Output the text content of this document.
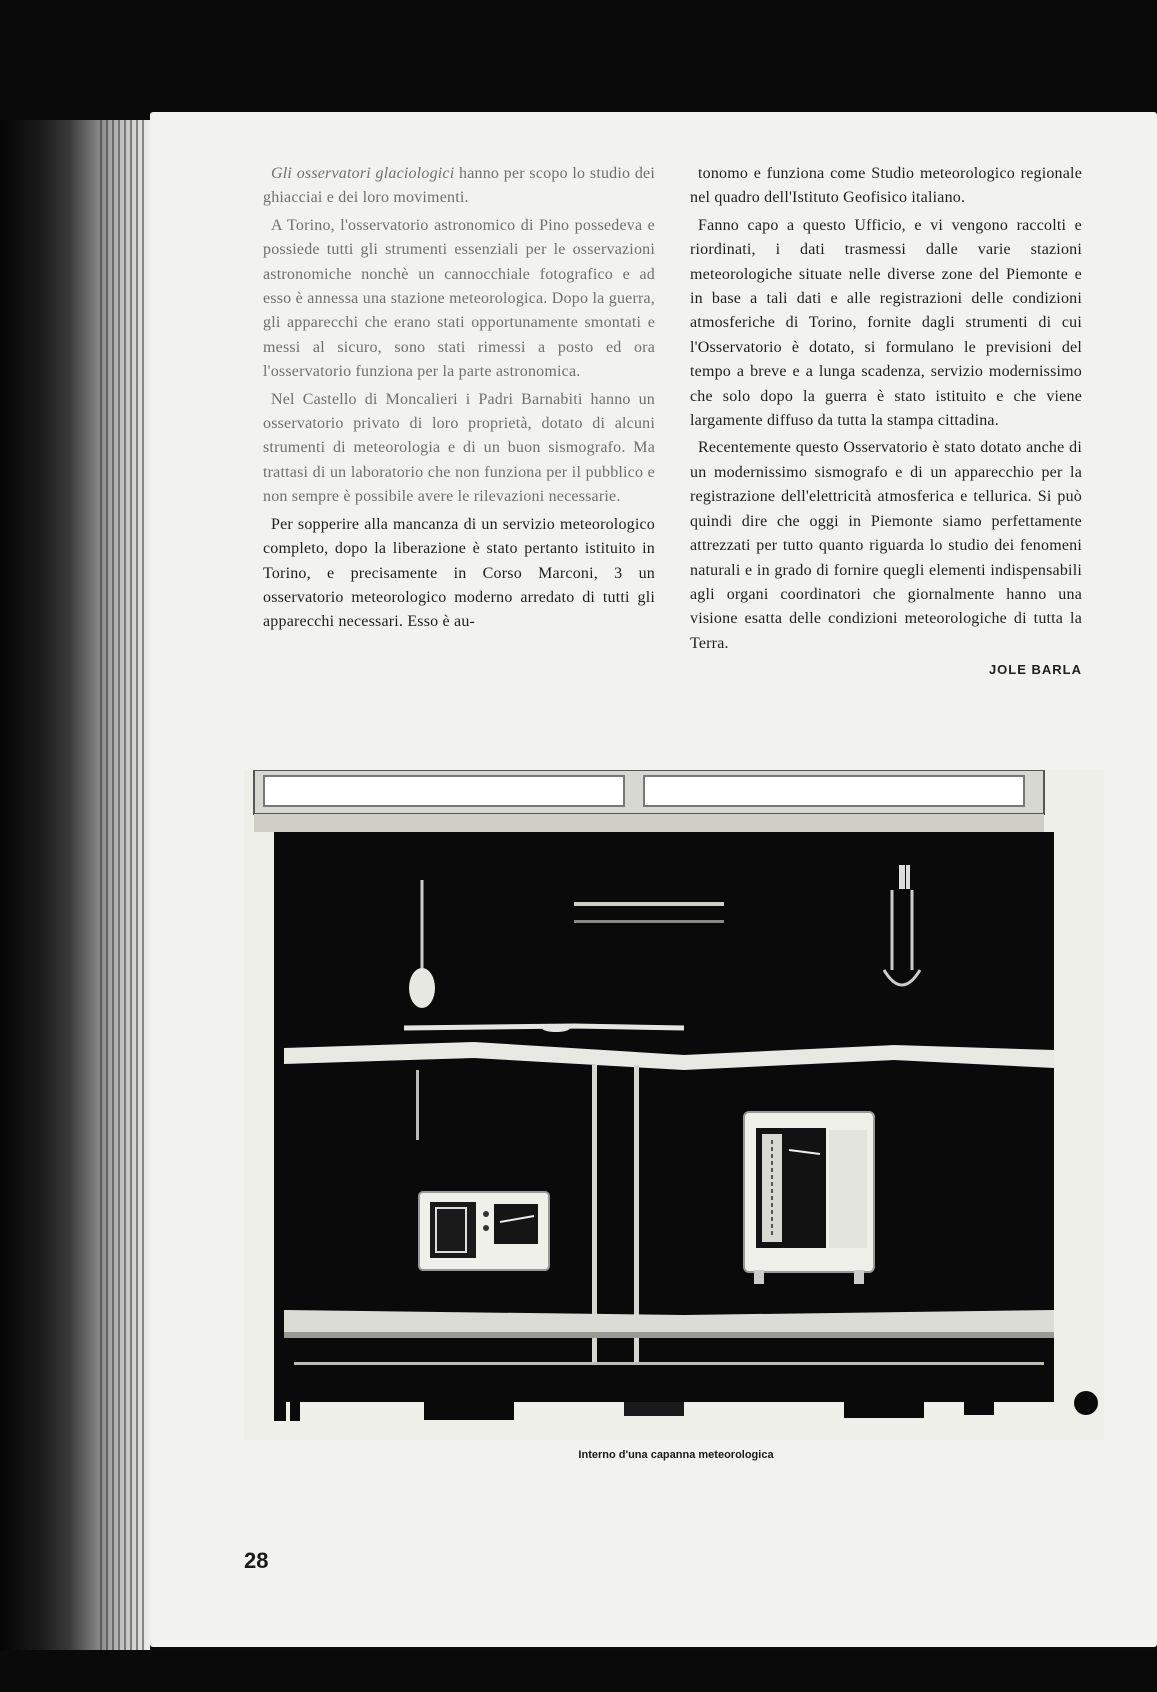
Gli osservatori glaciologici hanno per scopo lo studio dei ghiacciai e dei loro movimenti.

A Torino, l'osservatorio astronomico di Pino possedeva e possiede tutti gli strumenti essenziali per le osservazioni astronomiche nonchè un cannocchiale fotografico e ad esso è annessa una stazione meteorologica. Dopo la guerra, gli apparecchi che erano stati opportunamente smontati e messi al sicuro, sono stati rimessi a posto ed ora l'osservatorio funziona per la parte astronomica.

Nel Castello di Moncalieri i Padri Barnabiti hanno un osservatorio privato di loro proprietà, dotato di alcuni strumenti di meteorologia e di un buon sismografo. Ma trattasi di un laboratorio che non funziona per il pubblico e non sempre è possibile avere le rilevazioni necessarie.

Per sopperire alla mancanza di un servizio meteorologico completo, dopo la liberazione è stato pertanto istituito in Torino, e precisamente in Corso Marconi, 3 un osservatorio meteorologico moderno arredato di tutti gli apparecchi necessari. Esso è au-

tonomo e funziona come Studio meteorologico regionale nel quadro dell'Istituto Geofisico italiano.

Fanno capo a questo Ufficio, e vi vengono raccolti e riordinati, i dati trasmessi dalle varie stazioni meteorologiche situate nelle diverse zone del Piemonte e in base a tali dati e alle registrazioni delle condizioni atmosferiche di Torino, fornite dagli strumenti di cui l'Osservatorio è dotato, si formulano le previsioni del tempo a breve e a lunga scadenza, servizio modernissimo che solo dopo la guerra è stato istituito e che viene largamente diffuso da tutta la stampa cittadina.

Recentemente questo Osservatorio è stato dotato anche di un modernissimo sismografo e di un apparecchio per la registrazione dell'elettricità atmosferica e tellurica. Si può quindi dire che oggi in Piemonte siamo perfettamente attrezzati per tutto quanto riguarda lo studio dei fenomeni naturali e in grado di fornire quegli elementi indispensabili agli organi coordinatori che giornalmente hanno una visione esatta delle condizioni meteorologiche di tutta la Terra.

JOLE BARLA
Interno d'una capanna meteorologica
28
